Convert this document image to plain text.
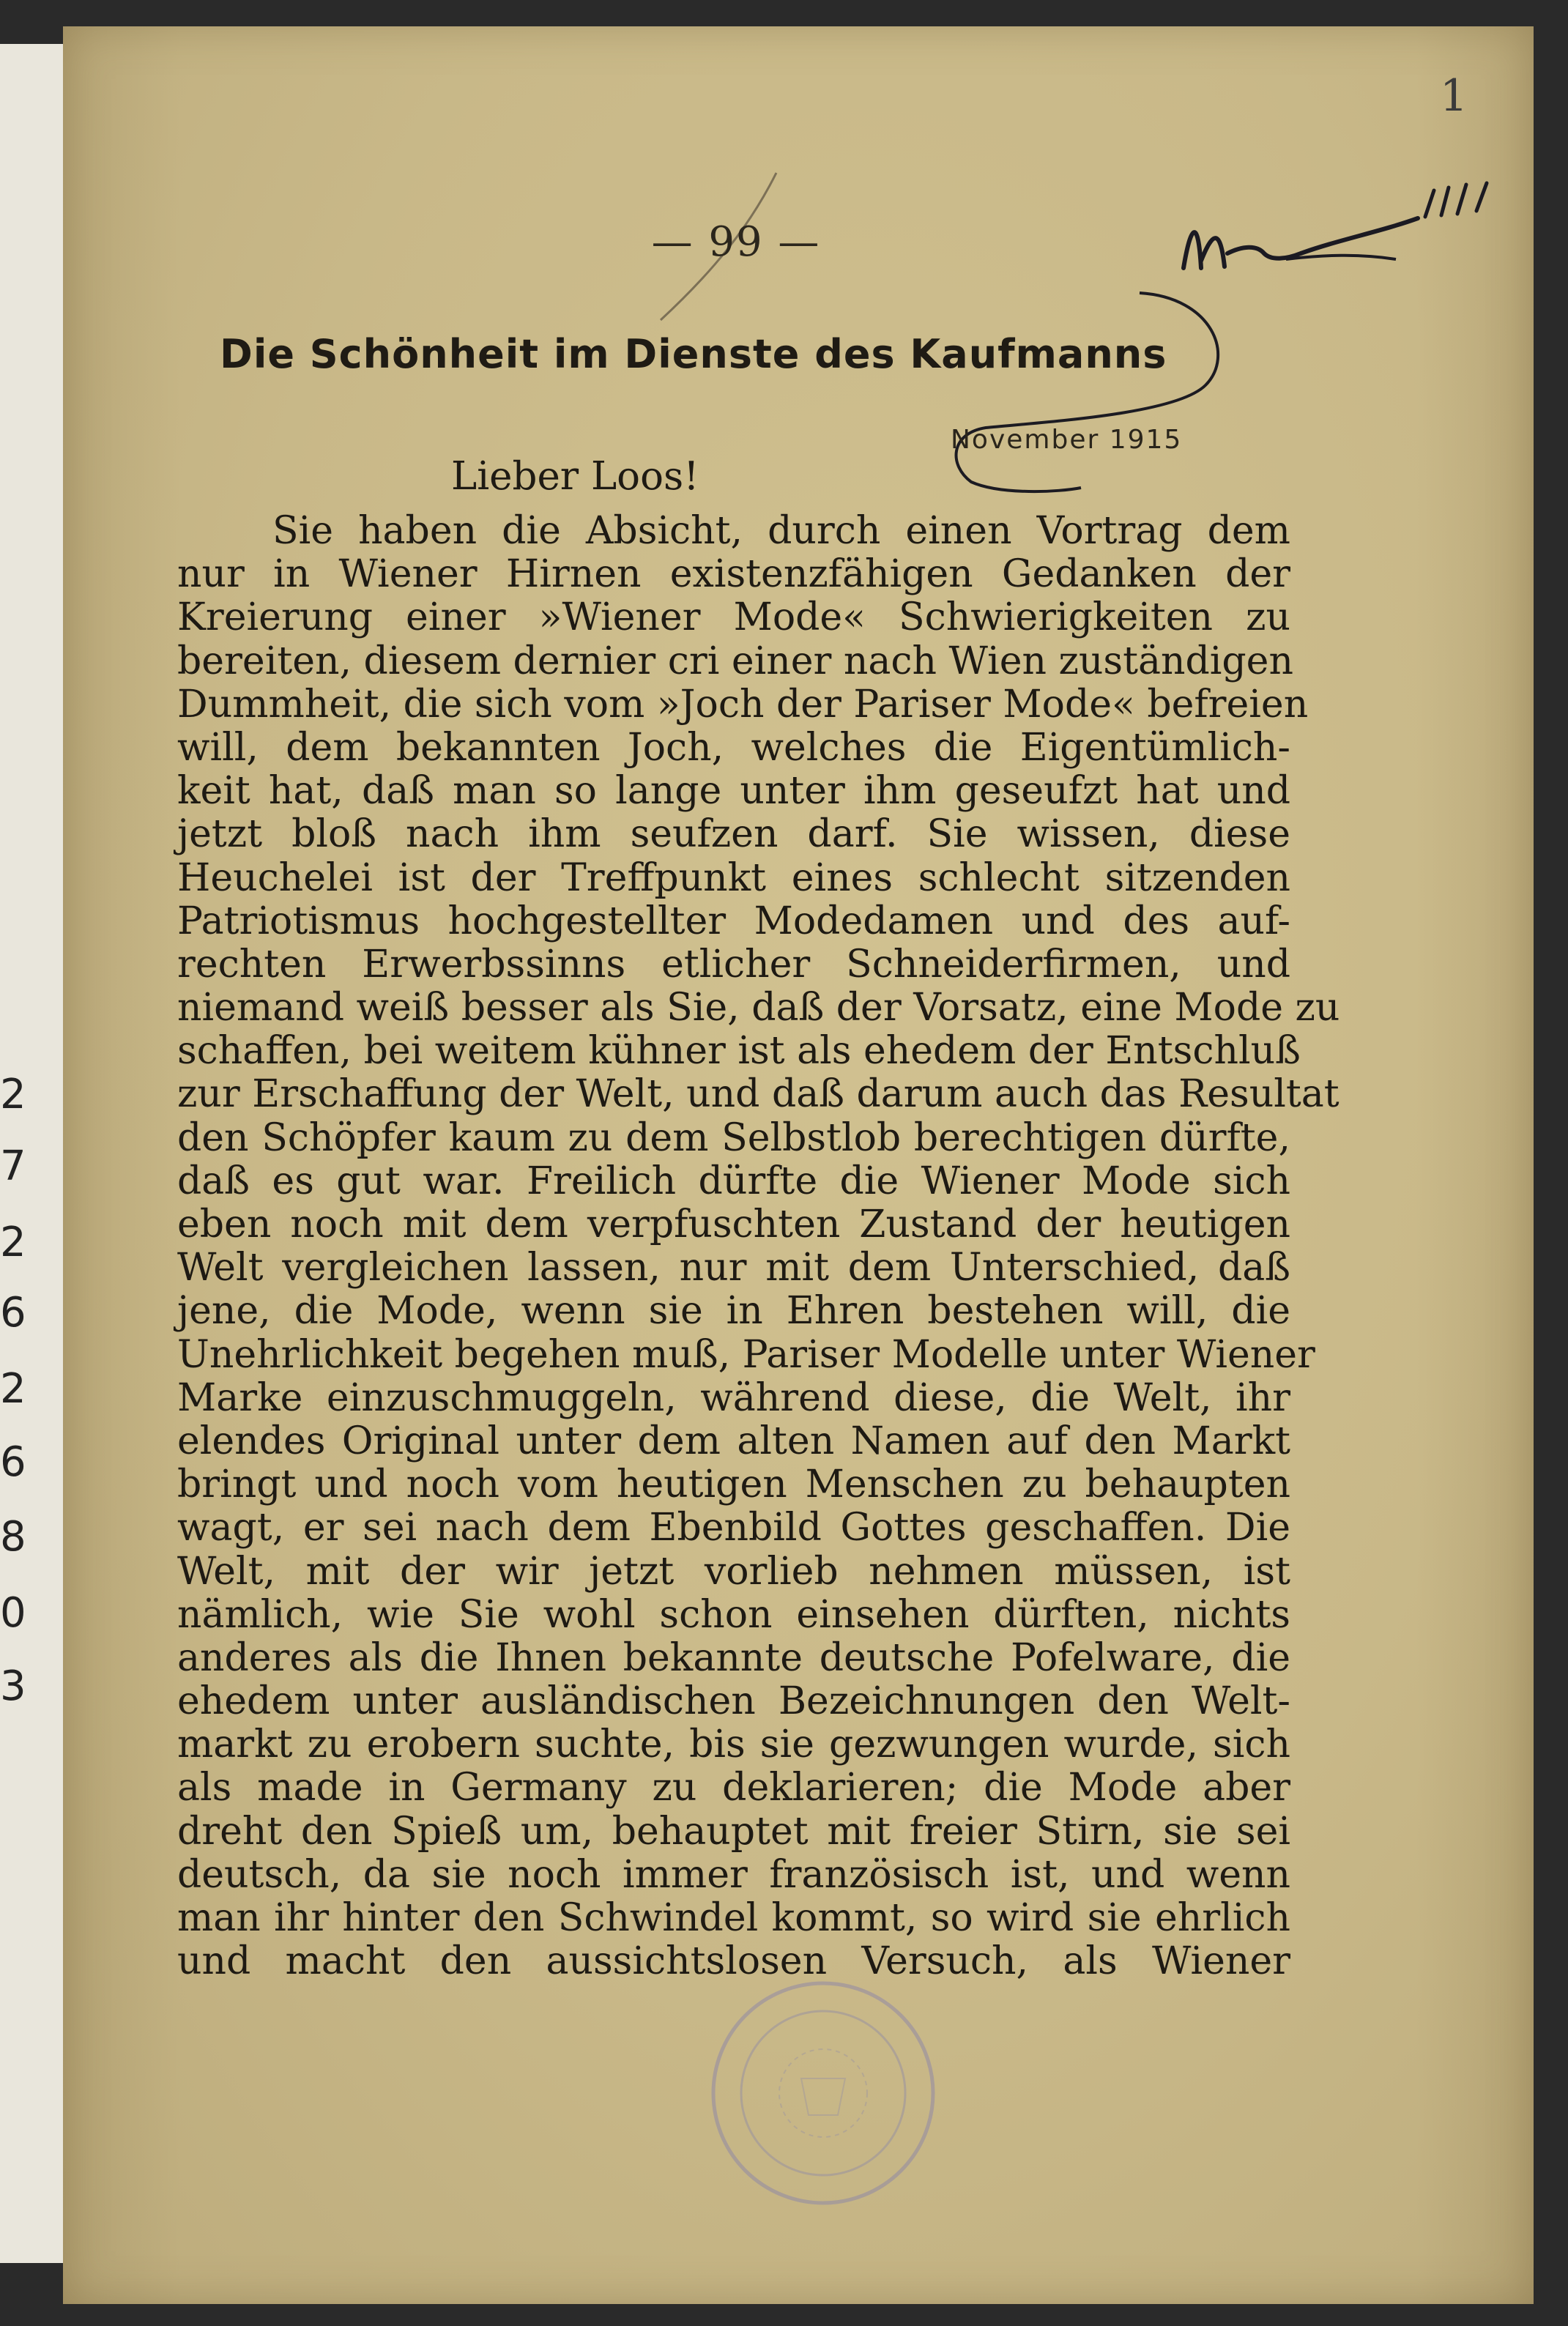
2
7
2
6
2
6
8
0
3
1
— 99 —
Die Schönheit im Dienste des Kaufmanns
November 1915
Lieber Loos!
Sie haben die Absicht, durch einen Vortrag dem
nur in Wiener Hirnen existenzfähigen Gedanken der
Kreierung einer »Wiener Mode« Schwierigkeiten zu
bereiten, diesem dernier cri einer nach Wien zuständigen
Dummheit, die sich vom »Joch der Pariser Mode« befreien
will, dem bekannten Joch, welches die Eigentümlich-
keit hat, daß man so lange unter ihm geseufzt hat und
jetzt bloß nach ihm seufzen darf. Sie wissen, diese
Heuchelei ist der Treffpunkt eines schlecht sitzenden
Patriotismus hochgestellter Modedamen und des auf-
rechten Erwerbssinns etlicher Schneiderfirmen, und
niemand weiß besser als Sie, daß der Vorsatz, eine Mode zu
schaffen, bei weitem kühner ist als ehedem der Entschluß
zur Erschaffung der Welt, und daß darum auch das Resultat
den Schöpfer kaum zu dem Selbstlob berechtigen dürfte,
daß es gut war. Freilich dürfte die Wiener Mode sich
eben noch mit dem verpfuschten Zustand der heutigen
Welt vergleichen lassen, nur mit dem Unterschied, daß
jene, die Mode, wenn sie in Ehren bestehen will, die
Unehrlichkeit begehen muß, Pariser Modelle unter Wiener
Marke einzuschmuggeln, während diese, die Welt, ihr
elendes Original unter dem alten Namen auf den Markt
bringt und noch vom heutigen Menschen zu behaupten
wagt, er sei nach dem Ebenbild Gottes geschaffen. Die
Welt, mit der wir jetzt vorlieb nehmen müssen, ist
nämlich, wie Sie wohl schon einsehen dürften, nichts
anderes als die Ihnen bekannte deutsche Pofelware, die
ehedem unter ausländischen Bezeichnungen den Welt-
markt zu erobern suchte, bis sie gezwungen wurde, sich
als made in Germany zu deklarieren; die Mode aber
dreht den Spieß um, behauptet mit freier Stirn, sie sei
deutsch, da sie noch immer französisch ist, und wenn
man ihr hinter den Schwindel kommt, so wird sie ehrlich
und macht den aussichtslosen Versuch, als Wiener
